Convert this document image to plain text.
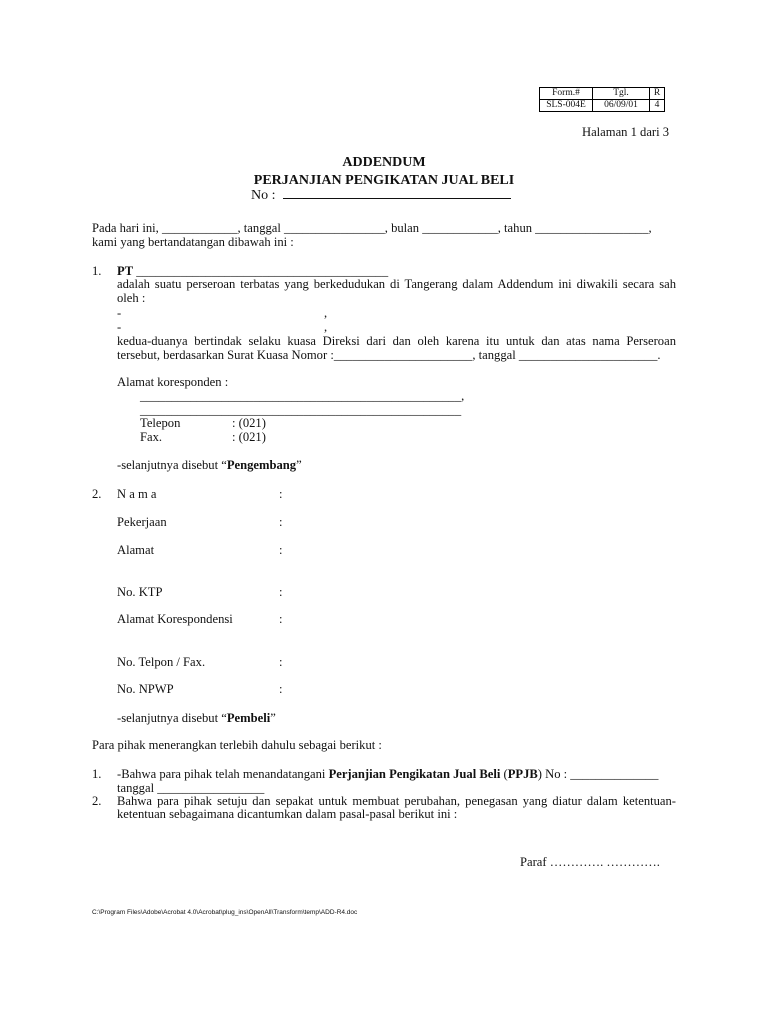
Form.#	Tgl.	R
SLS-004E	06/09/01	4
Halaman 1 dari 3
ADDENDUM
PERJANJIAN PENGIKATAN JUAL BELI
No :
Pada hari ini, ____________, tanggal ________________, bulan ____________, tahun __________________,
kami yang bertandatangan dibawah ini :
1. PT ________________________________________
adalah suatu perseroan terbatas yang berkedudukan di Tangerang dalam Addendum ini diwakili secara sah
oleh :
-	,
-	,
kedua-duanya bertindak selaku kuasa Direksi dari dan oleh karena itu untuk dan atas nama Perseroan
tersebut, berdasarkan Surat Kuasa Nomor :______________________, tanggal ______________________.
Alamat koresponden :
___________________________________________________,
___________________________________________________
Telepon	: (021)
Fax.	: (021)
-selanjutnya disebut “Pengembang”
2. N a m a	:
Pekerjaan	:
Alamat	:
No. KTP	:
Alamat Korespondensi	:
No. Telpon / Fax.	:
No. NPWP	:
-selanjutnya disebut “Pembeli”
Para pihak menerangkan terlebih dahulu sebagai berikut :
1. -Bahwa para pihak telah menandatangani Perjanjian Pengikatan Jual Beli (PPJB) No : ______________
tanggal _________________
2. Bahwa para pihak setuju dan sepakat untuk membuat perubahan, penegasan yang diatur dalam ketentuan-
ketentuan sebagaimana dicantumkan dalam pasal-pasal berikut ini :
Paraf …………. ………….
C:\Program Files\Adobe\Acrobat 4.0\Acrobat\plug_ins\OpenAll\Transform\temp\ADD-R4.doc
